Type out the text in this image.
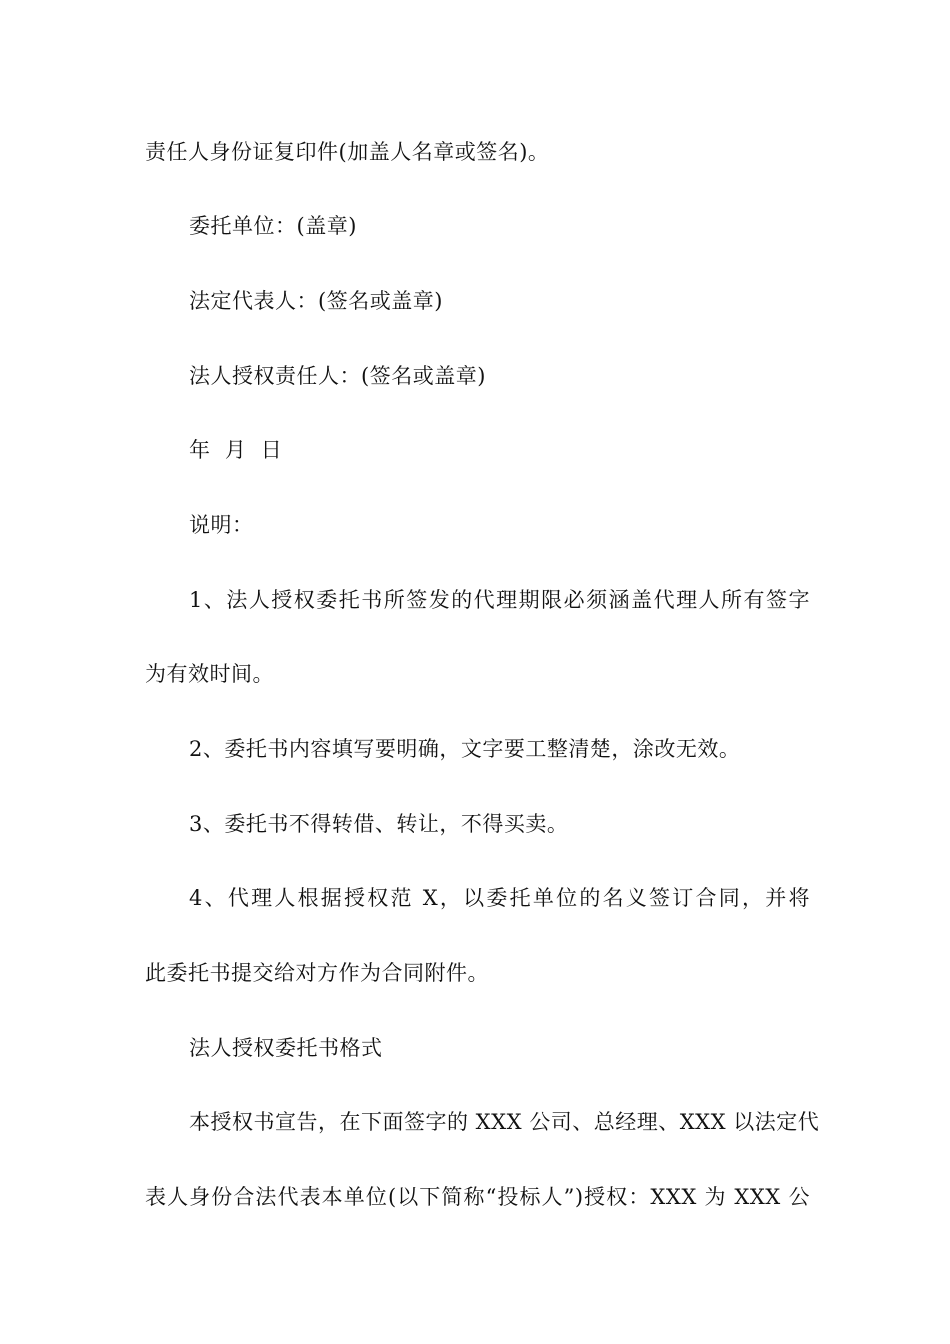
责任人身份证复印件(加盖人名章或签名)。
委托单位：(盖章)
法定代表人：(签名或盖章)
法人授权责任人：(签名或盖章)
年  月  日
说明：
1、法人授权委托书所签发的代理期限必须涵盖代理人所有签字
为有效时间。
2、委托书内容填写要明确，文字要工整清楚，涂改无效。
3、委托书不得转借、转让，不得买卖。
4、代理人根据授权范 X，以委托单位的名义签订合同，并将
此委托书提交给对方作为合同附件。
法人授权委托书格式
本授权书宣告，在下面签字的 XXX 公司、总经理、XXX 以法定代
表人身份合法代表本单位(以下简称“投标人”)授权：XXX 为 XXX 公
